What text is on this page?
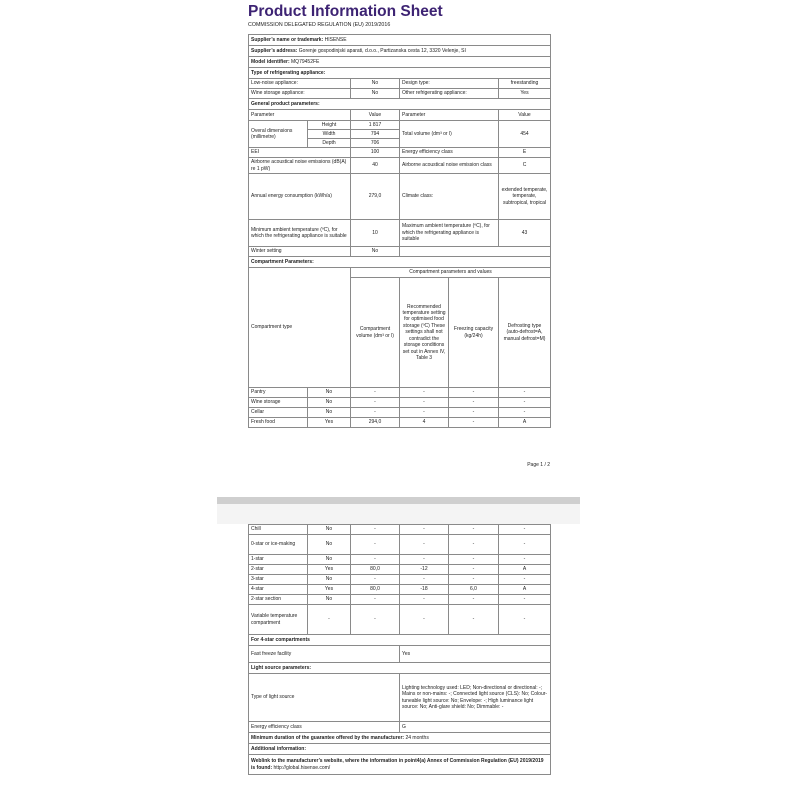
Product Information Sheet
COMMISSION DELEGATED REGULATION (EU) 2019/2016
Supplier’s name or trademark: HISENSE					
Supplier’s address: Gorenje gospodinjski aparati, d.o.o., Partizanska cesta 12, 3320 Velenje, SI					
Model identifier: MQ79452FE					
Type of refrigerating appliance:					
Low-noise appliance:		No	Design type:		freestanding
Wine storage appliance:		No	Other refrigerating appliance:		Yes
General product parameters:					
Parameter		Value	Parameter		Value
Overal dimensions (millimetre)	Height	1 817	Total volume (dm³ or l)		454
	Width	794			
	Depth	706			
EEI		100	Energy efficiency class		E
Airborne acoustical noise emissions (dB(A) re 1 pW)		40	Airborne acoustical noise emission class		C
Annual energy consumption (kWh/a)		279,0	Climate class:		extended temperate, temperate, subtropical, tropical
Minimum ambient temperature (ºC), for which the refrigerating appliance is suitable		10	Maximum ambient temperature (ºC), for which the refrigerating appliance is suitable		43
Winter setting		No			
Compartment Parameters:					
Compartment type		Compartment parameters and values			
		Compartment volume (dm³ or l)	Recommended temperature setting for optimised food storage (ºC) These settings shall not contradict the storage conditions set out in Annex IV, Table 3	Freezing capacity (kg/24h)	Defrosting type (auto-defrost=A, manual defrost=M)
Pantry	No	-	-	-	-
Wine storage	No	-	-	-	-
Cellar	No	-	-	-	-
Fresh food	Yes	294,0	4	-	A
Page 1 / 2
Chill	No	-	-	-	-
0-star or ice-making	No	-	-	-	-
1-star	No	-	-	-	-
2-star	Yes	80,0	-12	-	A
3-star	No	-	-	-	-
4-star	Yes	80,0	-18	6,0	A
2-star section	No	-	-	-	-
Variable temperature compartment	-	-	-	-	-
For 4-star compartments					
Fast freeze facility			Yes		
Light source parameters:					
Type of light source			Lighting technology used: LED; Non-directional or directional: -; Mains or non-mains: -; Connected light source (CLS): No; Colour-tuneable light source: No; Envelope: -; High luminance light source: No; Anti-glare shield: No; Dimmable: -		
Energy efficiency class			G		
Minimum duration of the guarantee offered by the manufacturer: 24 months					
Additional information:					
Weblink to the manufacturer’s website, where the information in point4(a) Annex of Commission Regulation (EU) 2019/2019 is found: http://global.hisense.com/					
